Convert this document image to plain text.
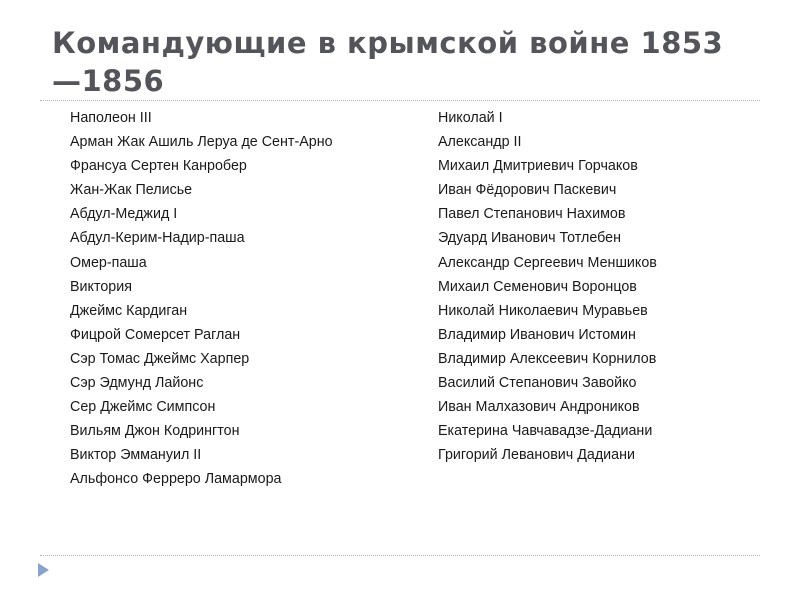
Командующие в крымской войне 1853—1856
Наполеон III
Арман Жак Ашиль Леруа де Сент-Арно
Франсуа Сертен Канробер
Жан-Жак Пелисье
Абдул-Меджид I
Абдул-Керим-Надир-паша
Омер-паша
Виктория
Джеймс Кардиган
Фицрой Сомерсет Раглан
Сэр Томас Джеймс Харпер
Сэр Эдмунд Лайонс
Сер Джеймс Симпсон
Вильям Джон Кодрингтон
Виктор Эммануил II
Альфонсо Ферреро Ламармора
Николай I
Александр II
Михаил Дмитриевич Горчаков
Иван Фёдорович Паскевич
Павел Степанович Нахимов
Эдуард Иванович Тотлебен
Александр Сергеевич Меншиков
Михаил Семенович Воронцов
Николай Николаевич Муравьев
Владимир Иванович Истомин
Владимир Алексеевич Корнилов
Василий Степанович Завойко
Иван Малхазович Андроников
Екатерина Чавчавадзе-Дадиани
Григорий Леванович Дадиани
